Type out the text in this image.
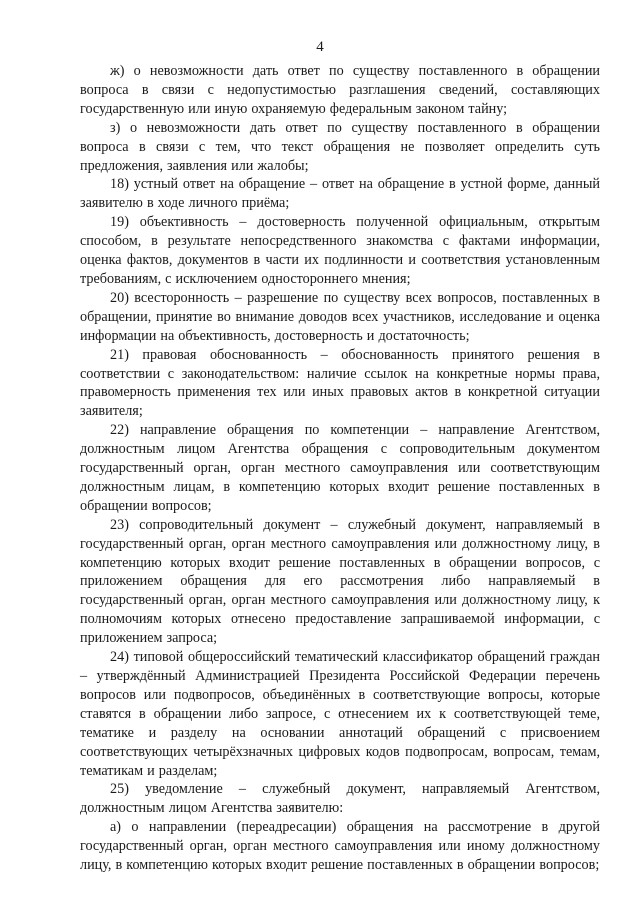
4

ж) о невозможности дать ответ по существу поставленного в обращении вопроса в связи с недопустимостью разглашения сведений, составляющих государственную или иную охраняемую федеральным законом тайну;

з) о невозможности дать ответ по существу поставленного в обращении вопроса в связи с тем, что текст обращения не позволяет определить суть предложения, заявления или жалобы;

18) устный ответ на обращение – ответ на обращение в устной форме, данный заявителю в ходе личного приёма;

19) объективность – достоверность полученной официальным, открытым способом, в результате непосредственного знакомства с фактами информации, оценка фактов, документов в части их подлинности и соответствия установленным требованиям, с исключением одностороннего мнения;

20) всесторонность – разрешение по существу всех вопросов, поставленных в обращении, принятие во внимание доводов всех участников, исследование и оценка информации на объективность, достоверность и достаточность;

21) правовая обоснованность – обоснованность принятого решения в соответствии с законодательством: наличие ссылок на конкретные нормы права, правомерность применения тех или иных правовых актов в конкретной ситуации заявителя;

22) направление обращения по компетенции – направление Агентством, должностным лицом Агентства обращения с сопроводительным документом государственный орган, орган местного самоуправления или соответствующим должностным лицам, в компетенцию которых входит решение поставленных в обращении вопросов;

23) сопроводительный документ – служебный документ, направляемый в государственный орган, орган местного самоуправления или должностному лицу, в компетенцию которых входит решение поставленных в обращении вопросов, с приложением обращения для его рассмотрения либо направляемый в государственный орган, орган местного самоуправления или должностному лицу, к полномочиям которых отнесено предоставление запрашиваемой информации, с приложением запроса;

24) типовой общероссийский тематический классификатор обращений граждан – утверждённый Администрацией Президента Российской Федерации перечень вопросов или подвопросов, объединённых в соответствующие вопросы, которые ставятся в обращении либо запросе, с отнесением их к соответствующей теме, тематике и разделу на основании аннотаций обращений с присвоением соответствующих четырёхзначных цифровых кодов подвопросам, вопросам, темам, тематикам и разделам;

25) уведомление – служебный документ, направляемый Агентством, должностным лицом Агентства заявителю:

а) о направлении (переадресации) обращения на рассмотрение в другой государственный орган, орган местного самоуправления или иному должностному лицу, в компетенцию которых входит решение поставленных в обращении вопросов;
